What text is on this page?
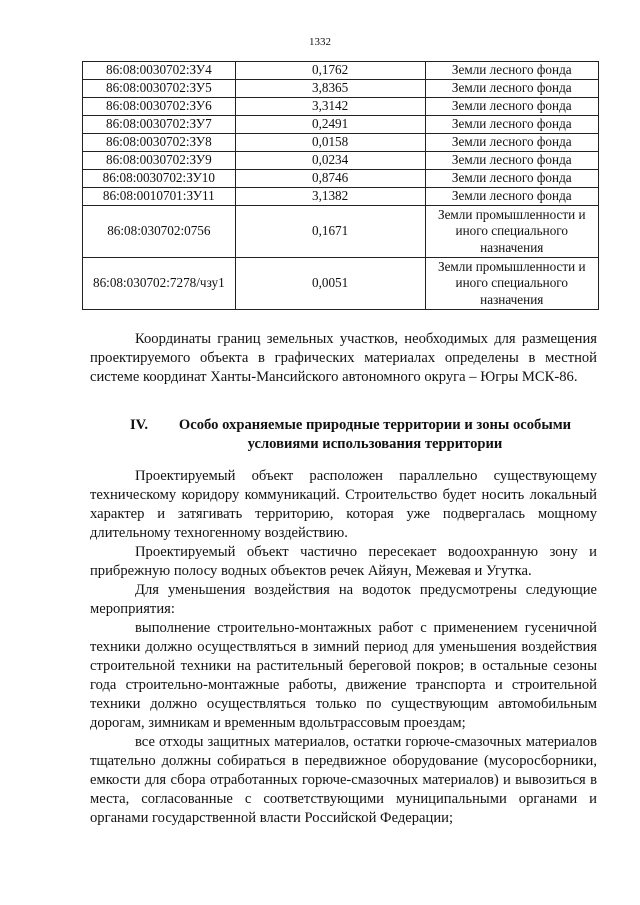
1332
86:08:0030702:ЗУ4	0,1762	Земли лесного фонда
86:08:0030702:ЗУ5	3,8365	Земли лесного фонда
86:08:0030702:ЗУ6	3,3142	Земли лесного фонда
86:08:0030702:ЗУ7	0,2491	Земли лесного фонда
86:08:0030702:ЗУ8	0,0158	Земли лесного фонда
86:08:0030702:ЗУ9	0,0234	Земли лесного фонда
86:08:0030702:ЗУ10	0,8746	Земли лесного фонда
86:08:0010701:ЗУ11	3,1382	Земли лесного фонда
86:08:030702:0756	0,1671	Земли промышленности и иного специального назначения
86:08:030702:7278/чзу1	0,0051	Земли промышленности и иного специального назначения

Координаты границ земельных участков, необходимых для размещения проектируемого объекта в графических материалах определены в местной системе координат Ханты-Мансийского автономного округа – Югры МСК-86.

IV.	Особо охраняемые природные территории и зоны особыми условиями использования территории

Проектируемый объект расположен параллельно существующему техническому коридору коммуникаций. Строительство будет носить локальный характер и затягивать территорию, которая уже подвергалась мощному длительному техногенному воздействию.

Проектируемый объект частично пересекает водоохранную зону и прибрежную полосу водных объектов речек Айяун, Межевая и Угутка.

Для уменьшения воздействия на водоток предусмотрены следующие мероприятия:

выполнение строительно-монтажных работ с применением гусеничной техники должно осуществляться в зимний период для уменьшения воздействия строительной техники на растительный береговой покров; в остальные сезоны года строительно-монтажные работы, движение транспорта и строительной техники должно осуществляться только по существующим автомобильным дорогам, зимникам и временным вдольтрассовым проездам;

все отходы защитных материалов, остатки горюче-смазочных материалов тщательно должны собираться в передвижное оборудование (мусоросборники, емкости для сбора отработанных горюче-смазочных материалов) и вывозиться в места, согласованные с соответствующими муниципальными органами и органами государственной власти Российской Федерации;
